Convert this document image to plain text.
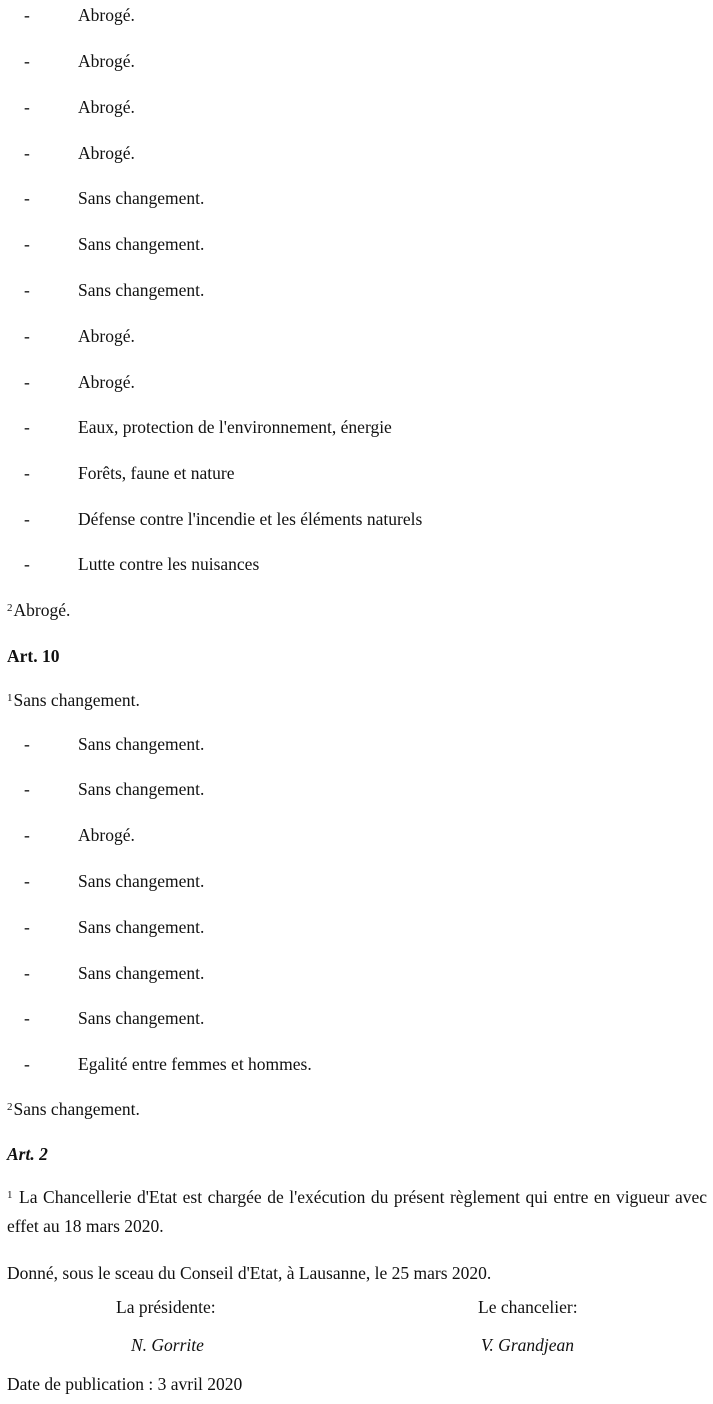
-	Abrogé.
-	Abrogé.
-	Abrogé.
-	Abrogé.
-	Sans changement.
-	Sans changement.
-	Sans changement.
-	Abrogé.
-	Abrogé.
-	Eaux, protection de l'environnement, énergie
-	Forêts, faune et nature
-	Défense contre l'incendie et les éléments naturels
-	Lutte contre les nuisances
$^2$Abrogé.
Art. 10
$^1$Sans changement.
-	Sans changement.
-	Sans changement.
-	Abrogé.
-	Sans changement.
-	Sans changement.
-	Sans changement.
-	Sans changement.
-	Egalité entre femmes et hommes.
$^2$Sans changement.
Art. 2
$^1$ La Chancellerie d'Etat est chargée de l'exécution du présent règlement qui entre en vigueur avec effet au 18 mars 2020.
Donné, sous le sceau du Conseil d'Etat, à Lausanne, le 25 mars 2020.
La présidente:	Le chancelier:
N. Gorrite	V. Grandjean
Date de publication : 3 avril 2020
